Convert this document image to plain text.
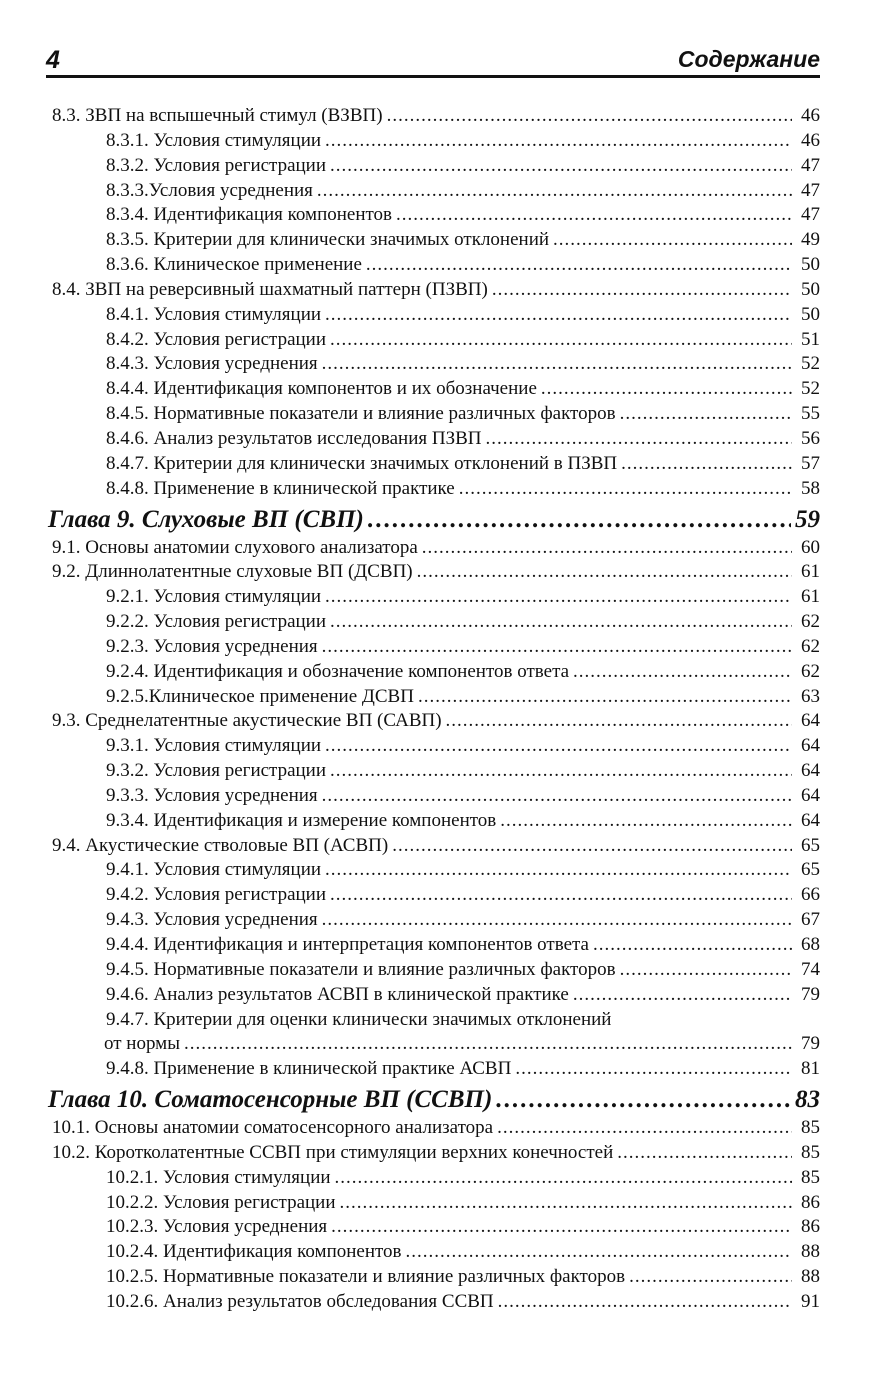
4	Содержание
8.3. ЗВП на вспышечный стимул (ВЗВП) .....	46
8.3.1. Условия стимуляции .....	46
8.3.2. Условия регистрации .....	47
8.3.3.Условия усреднения .....	47
8.3.4. Идентификация компонентов .....	47
8.3.5. Критерии для клинически значимых отклонений .....	49
8.3.6. Клиническое применение .....	50
8.4. ЗВП на реверсивный шахматный паттерн (ПЗВП) .....	50
8.4.1. Условия стимуляции .....	50
8.4.2. Условия регистрации .....	51
8.4.3. Условия усреднения .....	52
8.4.4. Идентификация компонентов и их обозначение .....	52
8.4.5. Нормативные показатели и влияние различных факторов .....	55
8.4.6. Анализ результатов исследования ПЗВП .....	56
8.4.7. Критерии для клинически значимых отклонений в ПЗВП .....	57
8.4.8. Применение в клинической практике .....	58
Глава 9. Слуховые ВП (СВП) .....	59
9.1. Основы анатомии слухового анализатора .....	60
9.2. Длиннолатентные слуховые ВП (ДСВП) .....	61
9.2.1. Условия стимуляции .....	61
9.2.2. Условия регистрации .....	62
9.2.3. Условия усреднения .....	62
9.2.4. Идентификация и обозначение компонентов ответа .....	62
9.2.5.Клиническое применение ДСВП .....	63
9.3. Среднелатентные акустические ВП (САВП) .....	64
9.3.1. Условия стимуляции .....	64
9.3.2. Условия регистрации .....	64
9.3.3. Условия усреднения .....	64
9.3.4. Идентификация и измерение компонентов .....	64
9.4. Акустические стволовые ВП (АСВП) .....	65
9.4.1. Условия стимуляции .....	65
9.4.2. Условия регистрации .....	66
9.4.3. Условия усреднения .....	67
9.4.4. Идентификация и интерпретация компонентов ответа .....	68
9.4.5. Нормативные показатели и влияние различных факторов .....	74
9.4.6. Анализ результатов АСВП в клинической практике .....	79
9.4.7. Критерии для оценки клинически значимых отклонений
от нормы .....	79
9.4.8. Применение в клинической практике АСВП .....	81
Глава 10. Соматосенсорные ВП (ССВП) .....	83
10.1. Основы анатомии соматосенсорного анализатора .....	85
10.2. Коротколатентные ССВП при стимуляции верхних конечностей .....	85
10.2.1. Условия стимуляции .....	85
10.2.2. Условия регистрации .....	86
10.2.3. Условия усреднения .....	86
10.2.4. Идентификация компонентов .....	88
10.2.5. Нормативные показатели и влияние различных факторов .....	88
10.2.6. Анализ результатов обследования ССВП .....	91
